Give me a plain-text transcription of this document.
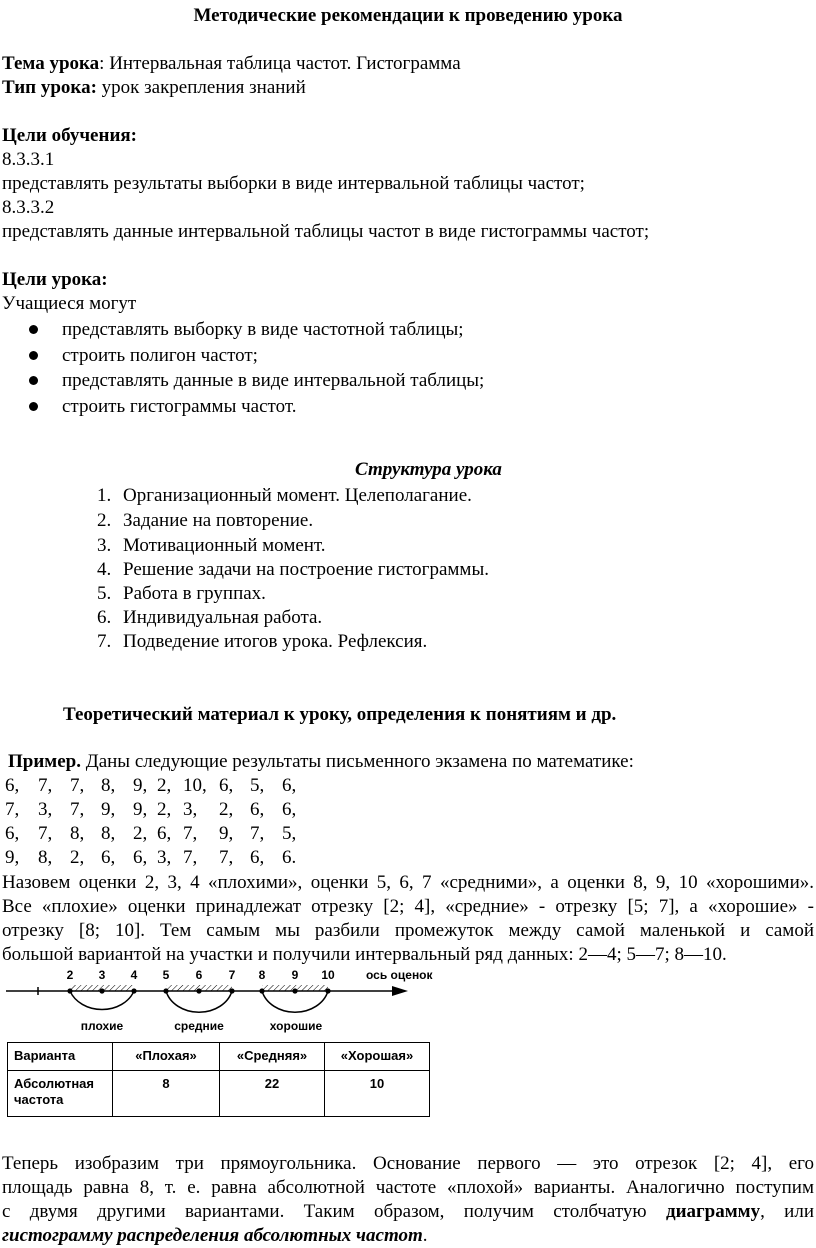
Методические рекомендации к проведению урока
Тема урока: Интервальная таблица частот. Гистограмма
Тип урока: урок закрепления знаний
Цели обучения:
8.3.3.1
представлять результаты выборки в виде интервальной таблицы частот;
8.3.3.2
представлять данные интервальной таблицы частот в виде гистограммы частот;
Цели урока:
Учащиеся могут
представлять выборку в виде частотной таблицы;
строить полигон частот;
представлять данные в виде интервальной таблицы;
строить гистограммы частот.
Структура урока
1. Организационный момент. Целеполагание.
2. Задание на повторение.
3. Мотивационный момент.
4. Решение задачи на построение гистограммы.
5. Работа в группах.
6. Индивидуальная работа.
7. Подведение итогов урока. Рефлексия.
Теоретический материал к уроку, определения к понятиям и др.
Пример. Даны следующие результаты письменного экзамена по математике:
6, 7, 7, 8, 9, 2, 10, 6, 5, 6,
7, 3, 7, 9, 9, 2, 3, 2, 6, 6,
6, 7, 8, 8, 2, 6, 7, 9, 7, 5,
9, 8, 2, 6, 6, 3, 7, 7, 6, 6.
Назовем оценки 2, 3, 4 «плохими», оценки 5, 6, 7 «средними», а оценки 8, 9, 10 «хорошими».
Все «плохие» оценки принадлежат отрезку [2; 4], «средние» - отрезку [5; 7], а «хорошие» -
отрезку [8; 10]. Тем самым мы разбили промежуток между самой маленькой и самой
большой вариантой на участки и получили интервальный ряд данных: 2—4; 5—7; 8—10.
2 3 4 5 6 7 8 9 10	ось оценок
плохие	средние	хорошие
Варианта	«Плохая»	«Средняя»	«Хорошая»
Абсолютная
частота	8	22	10
Теперь изобразим три прямоугольника. Основание первого — это отрезок [2; 4], его
площадь равна 8, т. е. равна абсолютной частоте «плохой» варианты. Аналогично поступим
с двумя другими вариантами. Таким образом, получим столбчатую диаграмму, или
гистограмму распределения абсолютных частот.
